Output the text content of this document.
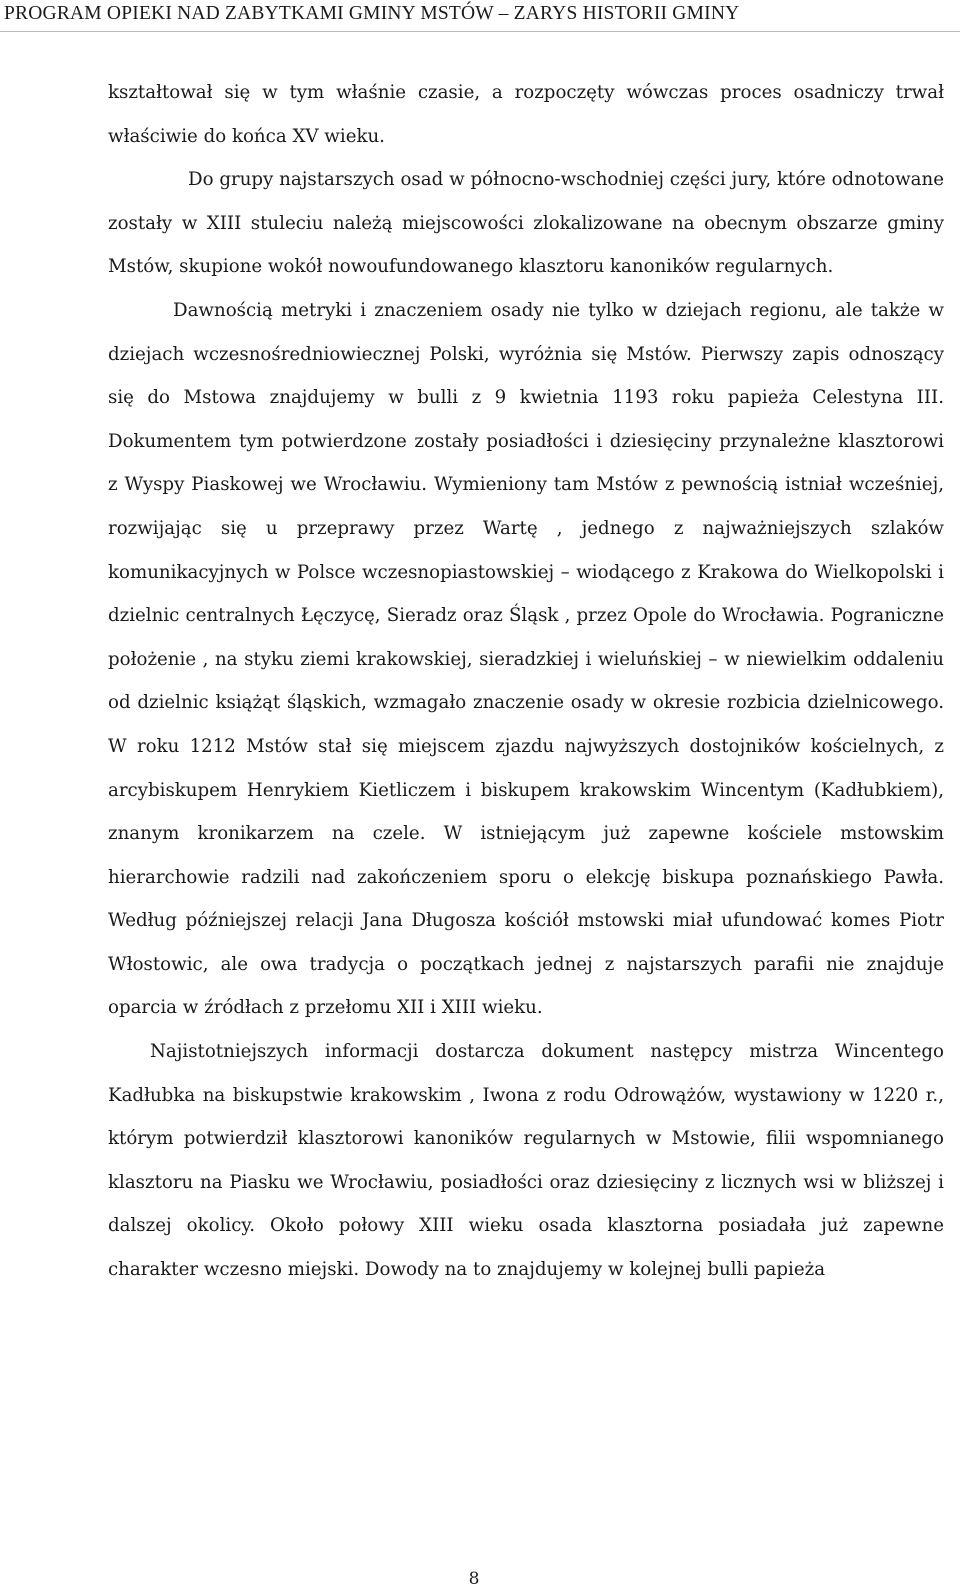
PROGRAM OPIEKI NAD ZABYTKAMI GMINY MSTÓW – ZARYS HISTORII GMINY

kształtował się w tym właśnie czasie, a rozpoczęty wówczas proces osadniczy trwał właściwie do końca XV wieku.

Do grupy najstarszych osad w północno-wschodniej części jury, które odnotowane zostały w XIII stuleciu należą miejscowości zlokalizowane na obecnym obszarze gminy Mstów, skupione wokół nowoufundowanego klasztoru kanoników regularnych.

Dawnością metryki i znaczeniem osady nie tylko w dziejach regionu, ale także w dziejach wczesnośredniowiecznej Polski, wyróżnia się Mstów. Pierwszy zapis odnoszący się do Mstowa znajdujemy w bulli z 9 kwietnia 1193 roku papieża Celestyna III. Dokumentem tym potwierdzone zostały posiadłości i dziesięciny przynależne klasztorowi z Wyspy Piaskowej we Wrocławiu. Wymieniony tam Mstów z pewnością istniał wcześniej, rozwijając się u przeprawy przez Wartę , jednego z najważniejszych szlaków komunikacyjnych w Polsce wczesnopiastowskiej – wiodącego z Krakowa do Wielkopolski i dzielnic centralnych Łęczycę, Sieradz oraz Śląsk , przez Opole do Wrocławia. Pograniczne położenie , na styku ziemi krakowskiej, sieradzkiej i wieluńskiej – w niewielkim oddaleniu od dzielnic książąt śląskich, wzmagało znaczenie osady w okresie rozbicia dzielnicowego. W roku 1212 Mstów stał się miejscem zjazdu najwyższych dostojników kościelnych, z arcybiskupem Henrykiem Kietliczem i biskupem krakowskim Wincentym (Kadłubkiem), znanym kronikarzem na czele. W istniejącym już zapewne kościele mstowskim hierarchowie radzili nad zakończeniem sporu o elekcję biskupa poznańskiego Pawła. Według późniejszej relacji Jana Długosza kościół mstowski miał ufundować komes Piotr Włostowic, ale owa tradycja o początkach jednej z najstarszych parafii nie znajduje oparcia w źródłach z przełomu XII i XIII wieku.

Najistotniejszych informacji dostarcza dokument następcy mistrza Wincentego Kadłubka na biskupstwie krakowskim , Iwona z rodu Odrowążów, wystawiony w 1220 r., którym potwierdził klasztorowi kanoników regularnych w Mstowie, filii wspomnianego klasztoru na Piasku we Wrocławiu, posiadłości oraz dziesięciny z licznych wsi w bliższej i dalszej okolicy. Około połowy XIII wieku osada klasztorna posiadała już zapewne charakter wczesno miejski. Dowody na to znajdujemy w kolejnej bulli papieża

8
